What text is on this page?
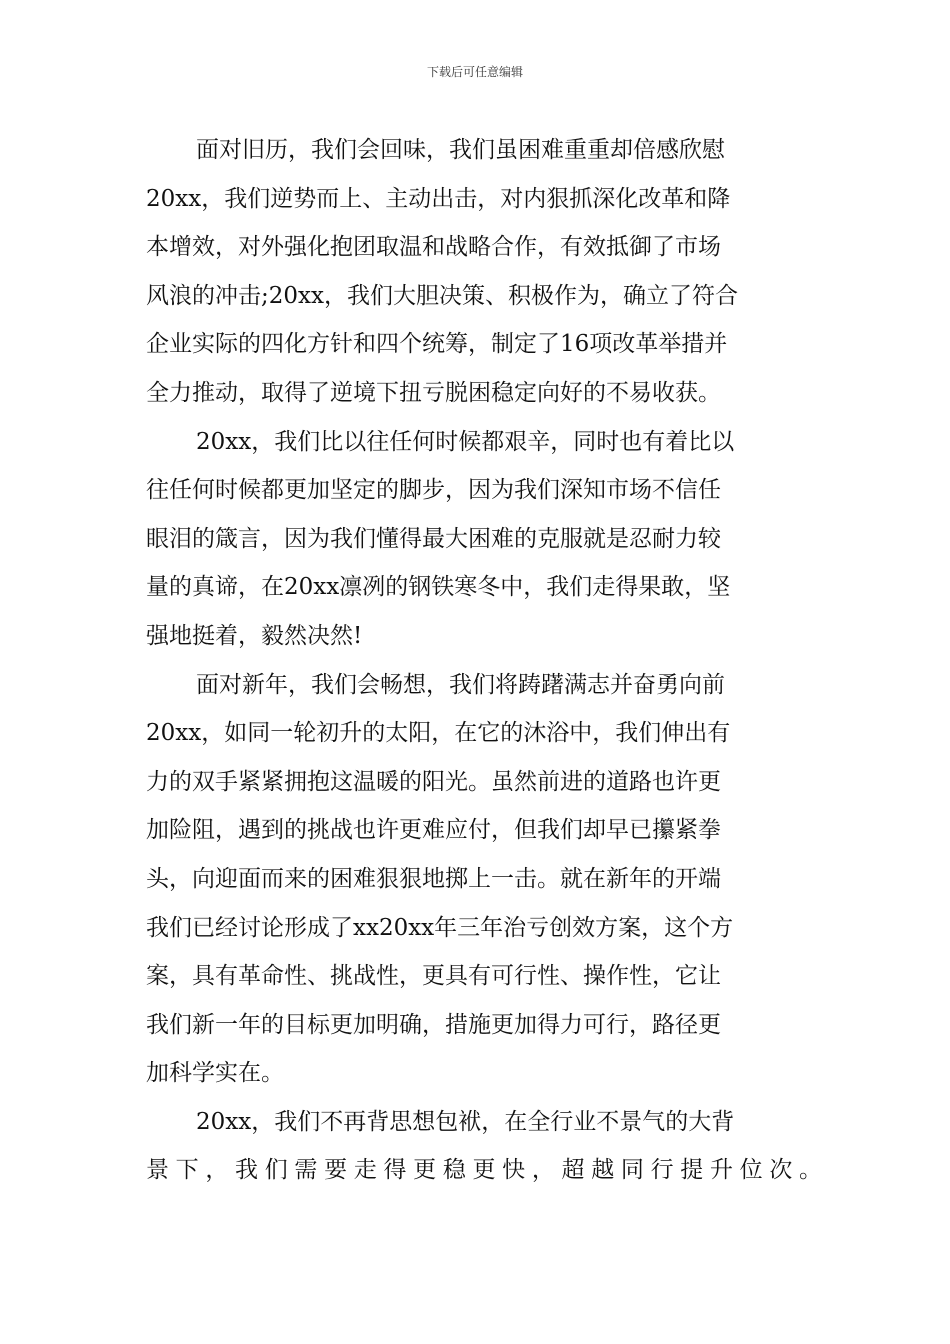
下载后可任意编辑
面对旧历，我们会回味，我们虽困难重重却倍感欣慰
20xx，我们逆势而上、主动出击，对内狠抓深化改革和降
本增效，对外强化抱团取温和战略合作，有效抵御了市场
风浪的冲击;20xx，我们大胆决策、积极作为，确立了符合
企业实际的四化方针和四个统筹，制定了16项改革举措并
全力推动，取得了逆境下扭亏脱困稳定向好的不易收获。
20xx，我们比以往任何时候都艰辛，同时也有着比以
往任何时候都更加坚定的脚步，因为我们深知市场不信任
眼泪的箴言，因为我们懂得最大困难的克服就是忍耐力较
量的真谛，在20xx凛冽的钢铁寒冬中，我们走得果敢，坚
强地挺着，毅然决然!
面对新年，我们会畅想，我们将踌躇满志并奋勇向前
20xx，如同一轮初升的太阳，在它的沐浴中，我们伸出有
力的双手紧紧拥抱这温暖的阳光。虽然前进的道路也许更
加险阻，遇到的挑战也许更难应付，但我们却早已攥紧拳
头，向迎面而来的困难狠狠地掷上一击。就在新年的开端
我们已经讨论形成了xx20xx年三年治亏创效方案，这个方
案，具有革命性、挑战性，更具有可行性、操作性，它让
我们新一年的目标更加明确，措施更加得力可行，路径更
加科学实在。
20xx，我们不再背思想包袱，在全行业不景气的大背
景下，我们需要走得更稳更快，超越同行提升位次。
